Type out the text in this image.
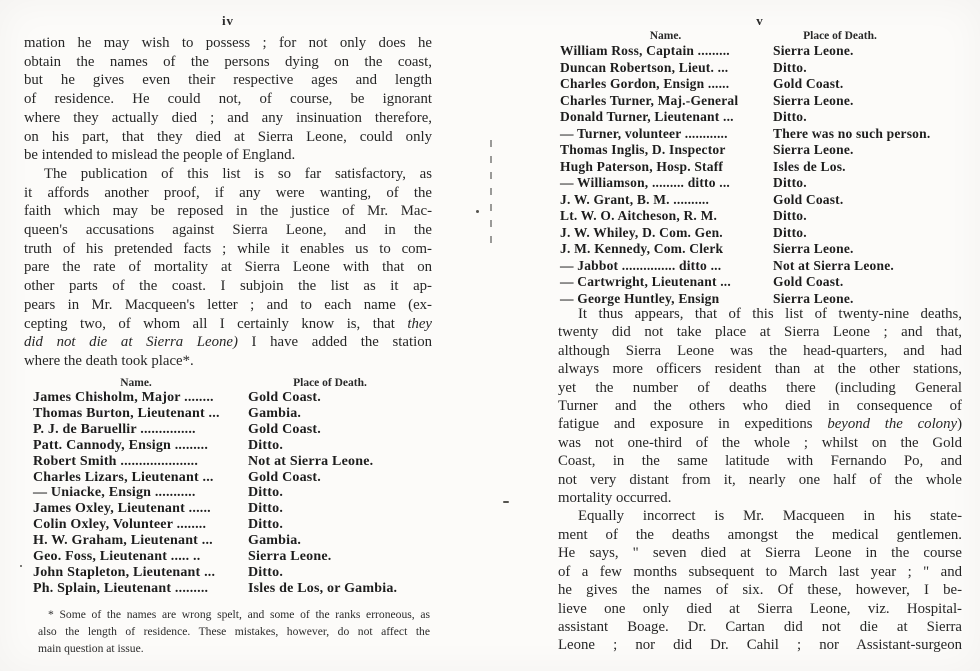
iv
mation he may wish to possess ; for not only does he
obtain the names of the persons dying on the coast,
but he gives even their respective ages and length
of residence. He could not, of course, be ignorant
where they actually died ; and any insinuation therefore,
on his part, that they died at Sierra Leone, could only
be intended to mislead the people of England.
The publication of this list is so far satisfactory, as
it affords another proof, if any were wanting, of the
faith which may be reposed in the justice of Mr. Mac-
queen's accusations against Sierra Leone, and in the
truth of his pretended facts ; while it enables us to com-
pare the rate of mortality at Sierra Leone with that on
other parts of the coast. I subjoin the list as it ap-
pears in Mr. Macqueen's letter ; and to each name (ex-
cepting two, of whom all I certainly know is, that they
did not die at Sierra Leone) I have added the station
where the death took place*.
Name.	Place of Death.
James Chisholm, Major ........	Gold Coast.
Thomas Burton, Lieutenant ...	Gambia.
P. J. de Baruellir ...............	Gold Coast.
Patt. Cannody, Ensign .........	Ditto.
Robert Smith .....................	Not at Sierra Leone.
Charles Lizars, Lieutenant ...	Gold Coast.
— Uniacke, Ensign ...........	Ditto.
James Oxley, Lieutenant ......	Ditto.
Colin Oxley, Volunteer ........	Ditto.
H. W. Graham, Lieutenant ...	Gambia.
Geo. Foss, Lieutenant ..... ..	Sierra Leone.
John Stapleton, Lieutenant ...	Ditto.
Ph. Splain, Lieutenant .........	Isles de Los, or Gambia.
* Some of the names are wrong spelt, and some of the ranks erroneous, as
also the length of residence. These mistakes, however, do not affect the
main question at issue.
v
Name.	Place of Death.
William Ross, Captain .........	Sierra Leone.
Duncan Robertson, Lieut. ...	Ditto.
Charles Gordon, Ensign ......	Gold Coast.
Charles Turner, Maj.-General	Sierra Leone.
Donald Turner, Lieutenant ...	Ditto.
— Turner, volunteer ............	There was no such person.
Thomas Inglis, D. Inspector	Sierra Leone.
Hugh Paterson, Hosp. Staff	Isles de Los.
— Williamson, ......... ditto ...	Ditto.
J. W. Grant, B. M. ..........	Gold Coast.
Lt. W. O. Aitcheson, R. M.	Ditto.
J. W. Whiley, D. Com. Gen.	Ditto.
J. M. Kennedy, Com. Clerk	Sierra Leone.
— Jabbot ............... ditto ...	Not at Sierra Leone.
— Cartwright, Lieutenant ...	Gold Coast.
— George Huntley, Ensign	Sierra Leone.
It thus appears, that of this list of twenty-nine deaths,
twenty did not take place at Sierra Leone ; and that,
although Sierra Leone was the head-quarters, and had
always more officers resident than at the other stations,
yet the number of deaths there (including General
Turner and the others who died in consequence of
fatigue and exposure in expeditions beyond the colony)
was not one-third of the whole ; whilst on the Gold
Coast, in the same latitude with Fernando Po, and
not very distant from it, nearly one half of the whole
mortality occurred.
Equally incorrect is Mr. Macqueen in his state-
ment of the deaths amongst the medical gentlemen.
He says, " seven died at Sierra Leone in the course
of a few months subsequent to March last year ; " and
he gives the names of six. Of these, however, I be-
lieve one only died at Sierra Leone, viz. Hospital-
assistant Boage. Dr. Cartan did not die at Sierra
Leone ; nor did Dr. Cahil ; nor Assistant-surgeon
